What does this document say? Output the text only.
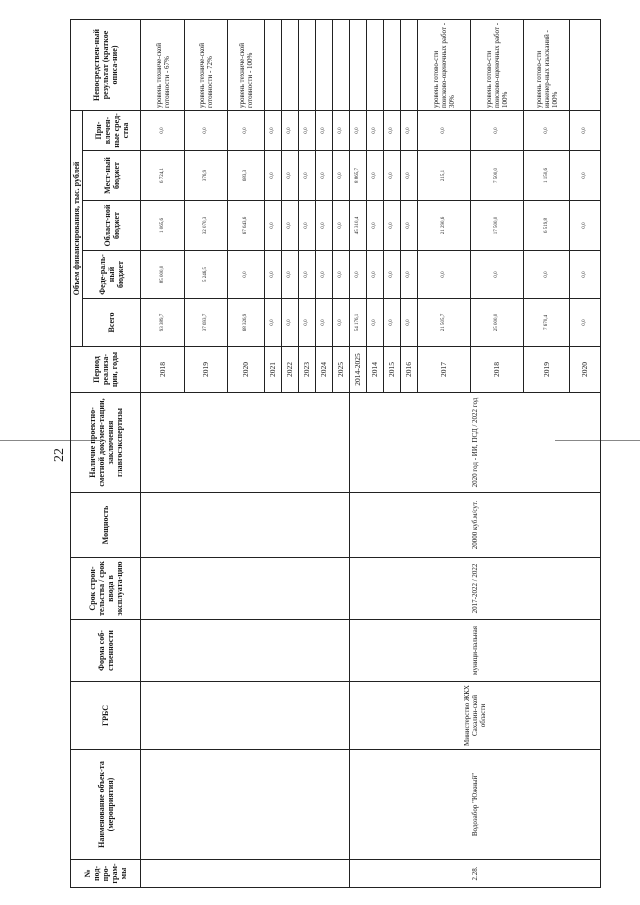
22
№ под-про-грам-мы	Наименование объек-та (мероприятия)	ГРБС	Форма соб-ственности	Срок строи-тельства / срок ввода в эксплуата-цию	Мощность	Наличие проектно-сметной докумен-тации, заключения главгосэкспертизы	Период реализа-ции, годы	Объем финансирования, тыс. рублей					Непосредствен-ный результат (краткое описа-ние)
								Всего	Феде-раль-ный бюджет	Област-ной бюджет	Мест-ный бюджет	При-влечен-ные сред-ства	
							2018	93 389,7	85 000,0	1 065,6	6 724,1	0,0	уровень техниче-ской готовности - 67%
							2019	37 693,7	5 246,5	32 070,3	376,9	0,0	уровень техниче-ской готовности - 72%
							2020	68 326,9	0,0	67 643,6	683,3	0,0	уровень техниче-ской готовности - 100%
							2021	0,0	0,0	0,0	0,0	0,0	
							2022	0,0	0,0	0,0	0,0	0,0	
							2023	0,0	0,0	0,0	0,0	0,0	
							2024	0,0	0,0	0,0	0,0	0,0	
							2025	0,0	0,0	0,0	0,0	0,0	
2.28.	Водозабор "Южный"	Министерство ЖКХ Сахалин-ской области	муници-пальная	2017-2022 / 2022	20000 куб.м/сут.	2020 год - ИИ, ПСД / 2022 год	2014-2025	54 176,1	0,0	45 310,4	8 865,7	0,0	
							2014	0,0	0,0	0,0	0,0	0,0	
							2015	0,0	0,0	0,0	0,0	0,0	
							2016	0,0	0,0	0,0	0,0	0,0	
							2017	21 505,7	0,0	21 290,6	215,1	0,0	уровень готово-сти поисково-оценочных работ - 30%
							2018	25 000,0	0,0	17 500,0	7 500,0	0,0	уровень готово-сти поисково-оценочных работ - 100%
							2019	7 670,4	0,0	6 519,8	1 150,6	0,0	уровень готово-сти инженер-ных изысканий - 100%
							2020	0,0	0,0	0,0	0,0	0,0	
